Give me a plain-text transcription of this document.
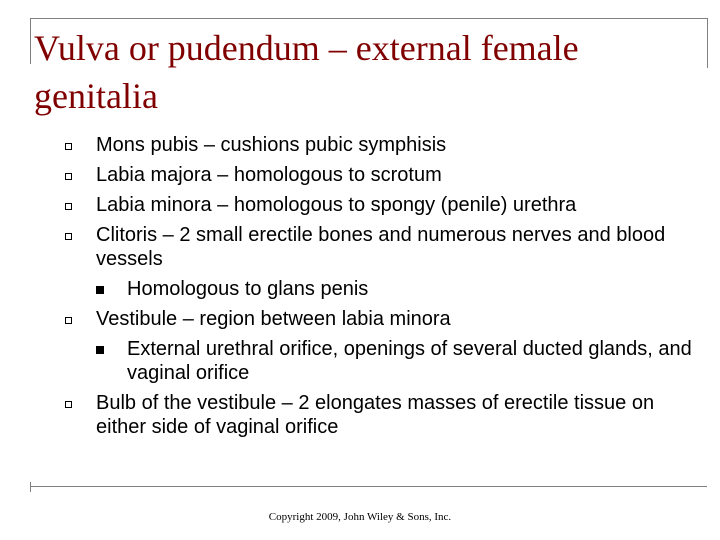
Vulva or pudendum – external female genitalia
Mons pubis – cushions pubic symphisis
Labia majora – homologous to scrotum
Labia minora – homologous to spongy (penile) urethra
Clitoris – 2 small erectile bones and numerous nerves and blood vessels
Homologous to glans penis
Vestibule – region between labia minora
External urethral orifice, openings of several ducted glands, and vaginal orifice
Bulb of the vestibule – 2 elongates masses of erectile tissue on either side of vaginal orifice
Copyright 2009, John Wiley & Sons, Inc.
